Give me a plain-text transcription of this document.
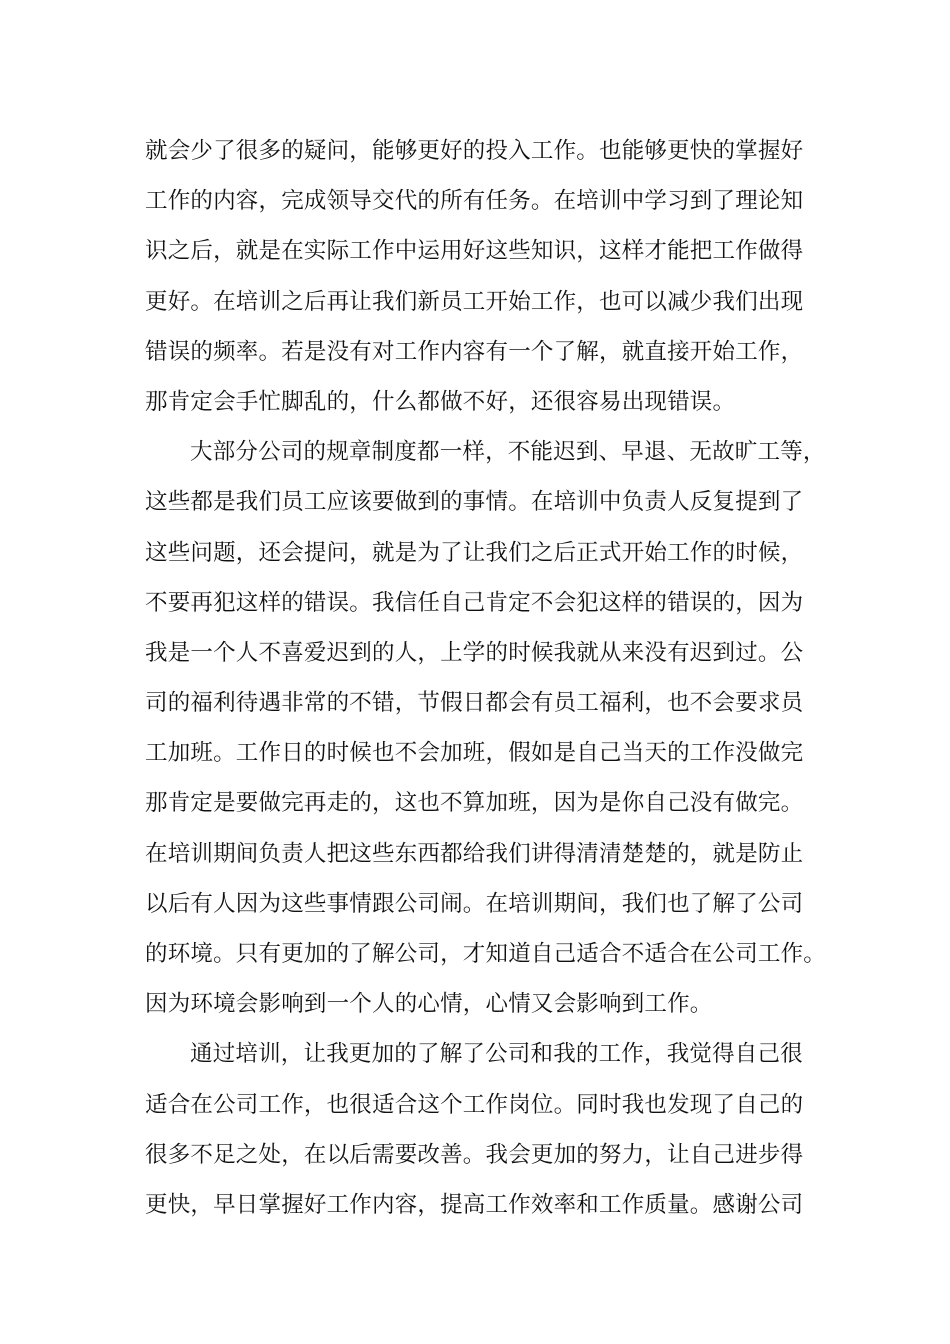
就会少了很多的疑问，能够更好的投入工作。也能够更快的掌握好
工作的内容，完成领导交代的所有任务。在培训中学习到了理论知
识之后，就是在实际工作中运用好这些知识，这样才能把工作做得
更好。在培训之后再让我们新员工开始工作，也可以减少我们出现
错误的频率。若是没有对工作内容有一个了解，就直接开始工作，
那肯定会手忙脚乱的，什么都做不好，还很容易出现错误。
大部分公司的规章制度都一样，不能迟到、早退、无故旷工等，
这些都是我们员工应该要做到的事情。在培训中负责人反复提到了
这些问题，还会提问，就是为了让我们之后正式开始工作的时候，
不要再犯这样的错误。我信任自己肯定不会犯这样的错误的，因为
我是一个人不喜爱迟到的人，上学的时候我就从来没有迟到过。公
司的福利待遇非常的不错，节假日都会有员工福利，也不会要求员
工加班。工作日的时候也不会加班，假如是自己当天的工作没做完
那肯定是要做完再走的，这也不算加班，因为是你自己没有做完。
在培训期间负责人把这些东西都给我们讲得清清楚楚的，就是防止
以后有人因为这些事情跟公司闹。在培训期间，我们也了解了公司
的环境。只有更加的了解公司，才知道自己适合不适合在公司工作。
因为环境会影响到一个人的心情，心情又会影响到工作。
通过培训，让我更加的了解了公司和我的工作，我觉得自己很
适合在公司工作，也很适合这个工作岗位。同时我也发现了自己的
很多不足之处，在以后需要改善。我会更加的努力，让自己进步得
更快，早日掌握好工作内容，提高工作效率和工作质量。感谢公司
